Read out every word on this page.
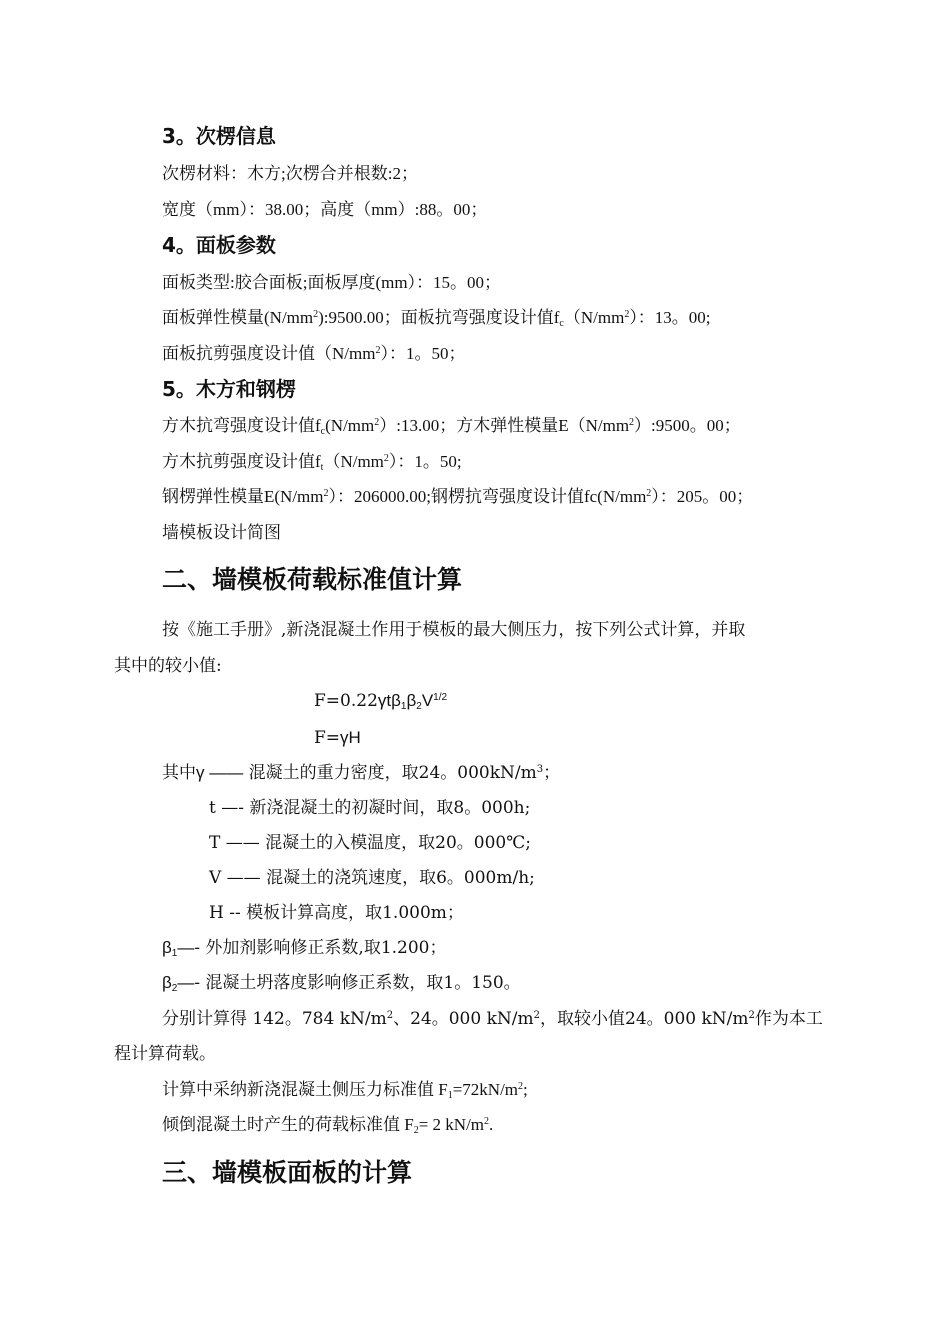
3。次楞信息
次楞材料：木方;次楞合并根数:2；
宽度（mm）：38.00；高度（mm）:88。00；
4。面板参数
面板类型:胶合面板;面板厚度(mm）：15。00；
面板弹性模量$(N/mm^2):9500.00$；面板抗弯强度设计值$f_c(N/mm^2)$：13。00;
面板抗剪强度设计值$(N/mm^2)$：1。50；
5。木方和钢楞
方木抗弯强度设计值$f_c(N/mm^2):13.00$；方木弹性模量$E(N/mm^2):9500$。00；
方木抗剪强度设计值$f_t(N/mm^2)$：1。50;
钢楞弹性模量$E(N/mm^2)$：206000.00;钢楞抗弯强度设计值$fc(N/mm^2)$：205。00；
墙模板设计简图
二、墙模板荷载标准值计算
按《施工手册》,新浇混凝土作用于模板的最大侧压力，按下列公式计算，并取
其中的较小值:
$F=0.22\gamma t\beta_1\beta_2V^{1/2}$
F=γH
其中γ —— 混凝土的重力密度，取24。$000kN/m^3$；
t —- 新浇混凝土的初凝时间，取8。000h;
T —— 混凝土的入模温度，取20。000℃;
V —— 混凝土的浇筑速度，取6。000m/h;
H -- 模板计算高度，取1.000m；
$\beta_1—-$ 外加剂影响修正系数,取1.200；
$\beta_2—-$ 混凝土坍落度影响修正系数，取1。150。
分别计算得 142。784 $kN/m^2$、24。000 $kN/m^2$，取较小值24。000 $kN/m^2$作为本工
程计算荷载。
计算中采纳新浇混凝土侧压力标准值 $F_1=72kN/m^2$;
倾倒混凝土时产生的荷载标准值 $F_2= 2$ $kN/m^2$.
三、墙模板面板的计算
